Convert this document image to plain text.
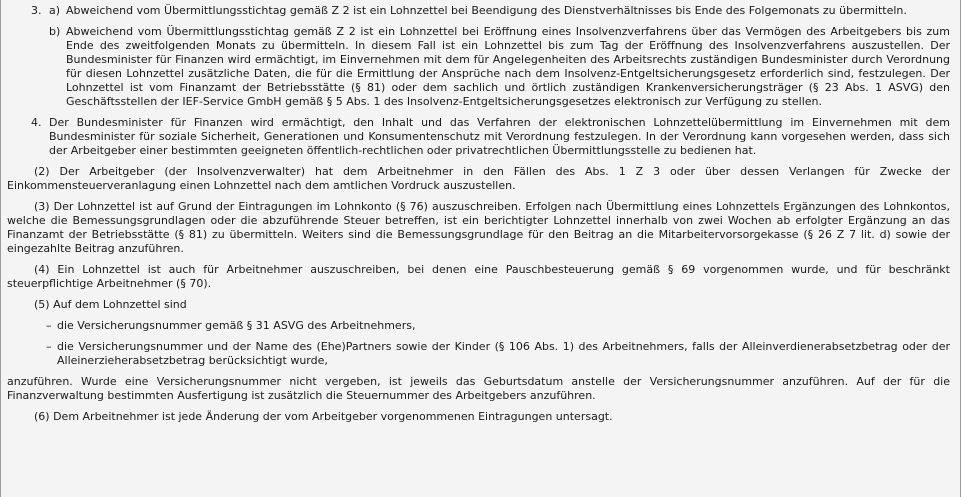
3. a) Abweichend vom Übermittlungsstichtag gemäß Z 2 ist ein Lohnzettel bei Beendigung des Dienstverhältnisses bis Ende des Folgemonats zu übermitteln.
b) Abweichend vom Übermittlungsstichtag gemäß Z 2 ist ein Lohnzettel bei Eröffnung eines Insolvenzverfahrens über das Vermögen des Arbeitgebers bis zum Ende des zweitfolgenden Monats zu übermitteln. In diesem Fall ist ein Lohnzettel bis zum Tag der Eröffnung des Insolvenzverfahrens auszustellen. Der Bundesminister für Finanzen wird ermächtigt, im Einvernehmen mit dem für Angelegenheiten des Arbeitsrechts zuständigen Bundesminister durch Verordnung für diesen Lohnzettel zusätzliche Daten, die für die Ermittlung der Ansprüche nach dem Insolvenz-Entgeltsicherungsgesetz erforderlich sind, festzulegen. Der Lohnzettel ist vom Finanzamt der Betriebsstätte (§ 81) oder dem sachlich und örtlich zuständigen Krankenversicherungsträger (§ 23 Abs. 1 ASVG) den Geschäftsstellen der IEF-Service GmbH gemäß § 5 Abs. 1 des Insolvenz-Entgeltsicherungsgesetzes elektronisch zur Verfügung zu stellen.
4. Der Bundesminister für Finanzen wird ermächtigt, den Inhalt und das Verfahren der elektronischen Lohnzettelübermittlung im Einvernehmen mit dem Bundesminister für soziale Sicherheit, Generationen und Konsumentenschutz mit Verordnung festzulegen. In der Verordnung kann vorgesehen werden, dass sich der Arbeitgeber einer bestimmten geeigneten öffentlich-rechtlichen oder privatrechtlichen Übermittlungsstelle zu bedienen hat.
(2) Der Arbeitgeber (der Insolvenzverwalter) hat dem Arbeitnehmer in den Fällen des Abs. 1 Z 3 oder über dessen Verlangen für Zwecke der Einkommensteuerveranlagung einen Lohnzettel nach dem amtlichen Vordruck auszustellen.
(3) Der Lohnzettel ist auf Grund der Eintragungen im Lohnkonto (§ 76) auszuschreiben. Erfolgen nach Übermittlung eines Lohnzettels Ergänzungen des Lohnkontos, welche die Bemessungsgrundlagen oder die abzuführende Steuer betreffen, ist ein berichtigter Lohnzettel innerhalb von zwei Wochen ab erfolgter Ergänzung an das Finanzamt der Betriebsstätte (§ 81) zu übermitteln. Weiters sind die Bemessungsgrundlage für den Beitrag an die Mitarbeitervorsorgekasse (§ 26 Z 7 lit. d) sowie der eingezahlte Beitrag anzuführen.
(4) Ein Lohnzettel ist auch für Arbeitnehmer auszuschreiben, bei denen eine Pauschbesteuerung gemäß § 69 vorgenommen wurde, und für beschränkt steuerpflichtige Arbeitnehmer (§ 70).
(5) Auf dem Lohnzettel sind
– die Versicherungsnummer gemäß § 31 ASVG des Arbeitnehmers,
– die Versicherungsnummer und der Name des (Ehe)Partners sowie der Kinder (§ 106 Abs. 1) des Arbeitnehmers, falls der Alleinverdienerabsetzbetrag oder der Alleinerzieherabsetzbetrag berücksichtigt wurde,
anzuführen. Wurde eine Versicherungsnummer nicht vergeben, ist jeweils das Geburtsdatum anstelle der Versicherungsnummer anzuführen. Auf der für die Finanzverwaltung bestimmten Ausfertigung ist zusätzlich die Steuernummer des Arbeitgebers anzuführen.
(6) Dem Arbeitnehmer ist jede Änderung der vom Arbeitgeber vorgenommenen Eintragungen untersagt.
